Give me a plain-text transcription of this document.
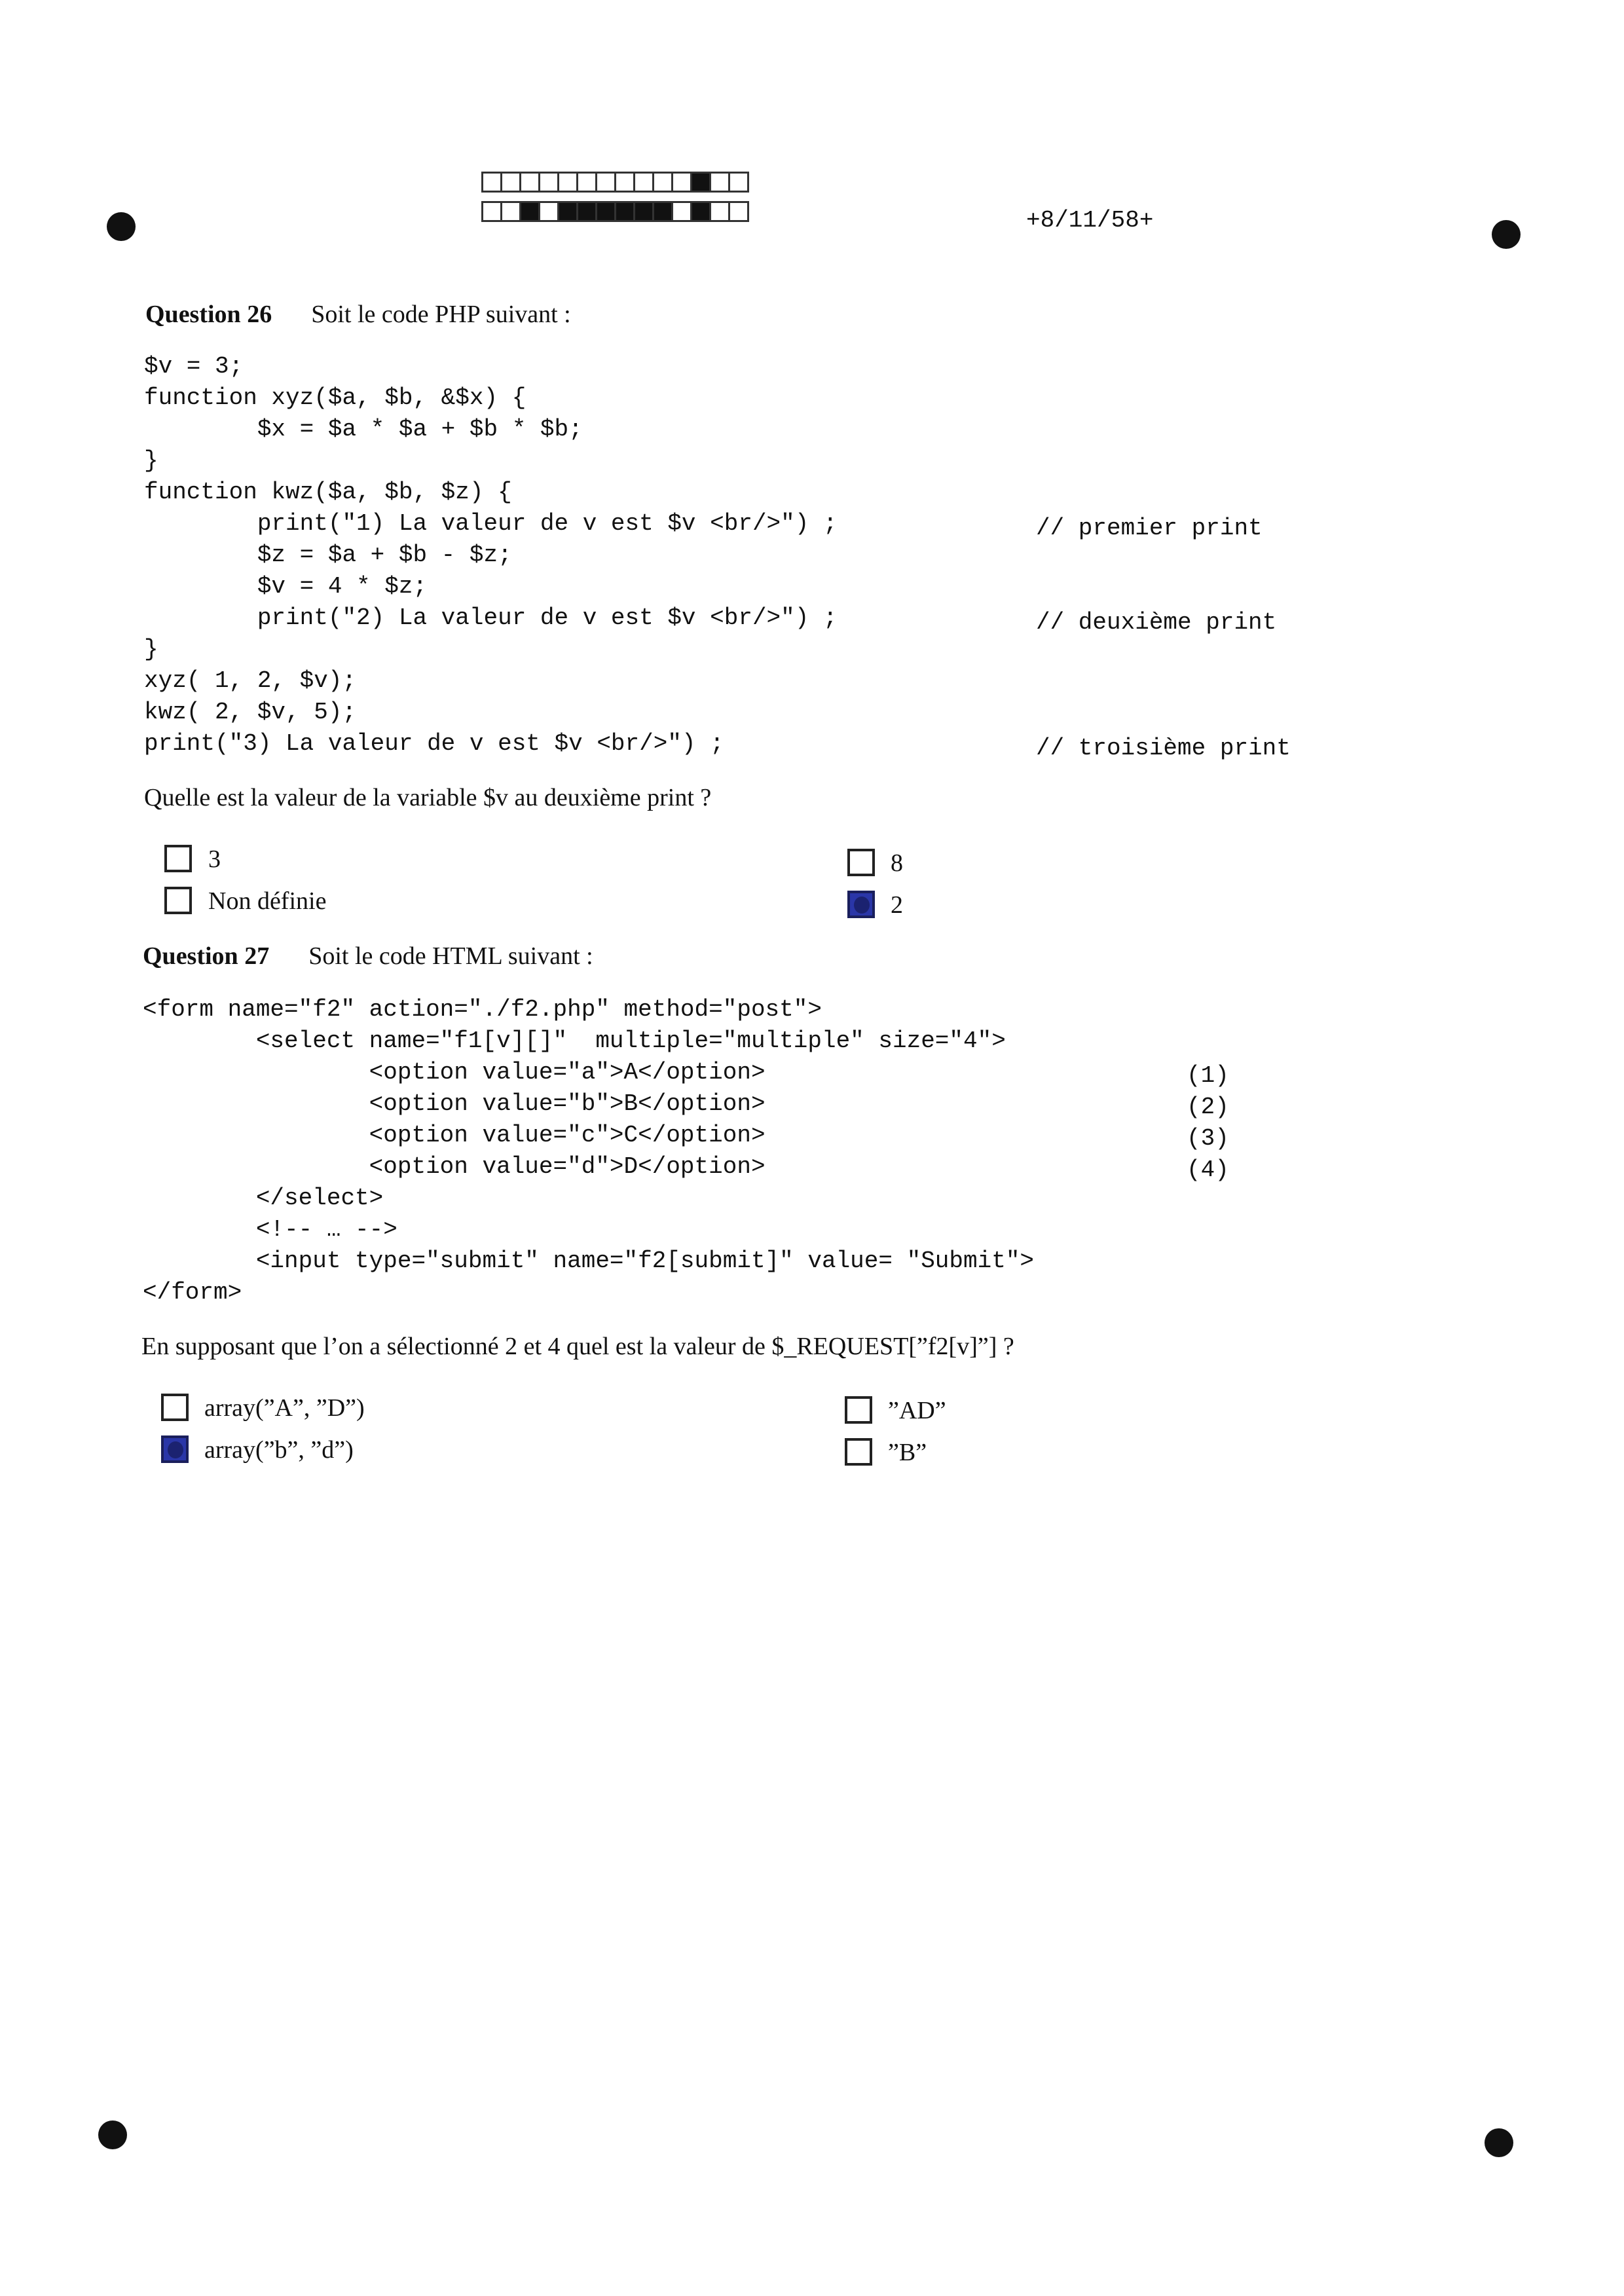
+8/11/58+
Question 26 Soit le code PHP suivant :
$v = 3;
function xyz($a, $b, &$x) {
$x = $a * $a + $b * $b;
}
function kwz($a, $b, $z) {
print("1) La valeur de v est $v <br/>") ;
$z = $a + $b - $z;
$v = 4 * $z;
print("2) La valeur de v est $v <br/>") ;
}
xyz( 1, 2, $v);
kwz( 2, $v, 5);
print("3) La valeur de v est $v <br/>") ;
// premier print
// deuxième print
// troisième print
Quelle est la valeur de la variable $v au deuxième print ?
3
Non définie
8
2
Question 27 Soit le code HTML suivant :
<form name="f2" action="./f2.php" method="post">
<select name="f1[v][]"  multiple="multiple" size="4">
<option value="a">A</option>
<option value="b">B</option>
<option value="c">C</option>
<option value="d">D</option>
</select>
<!-- … -->
<input type="submit" name="f2[submit]" value= "Submit">
</form>
(1)
(2)
(3)
(4)
En supposant que l’on a sélectionné 2 et 4 quel est la valeur de $_REQUEST[”f2[v]”] ?
array(”A”, ”D”)
array(”b”, ”d”)
”AD”
”B”
